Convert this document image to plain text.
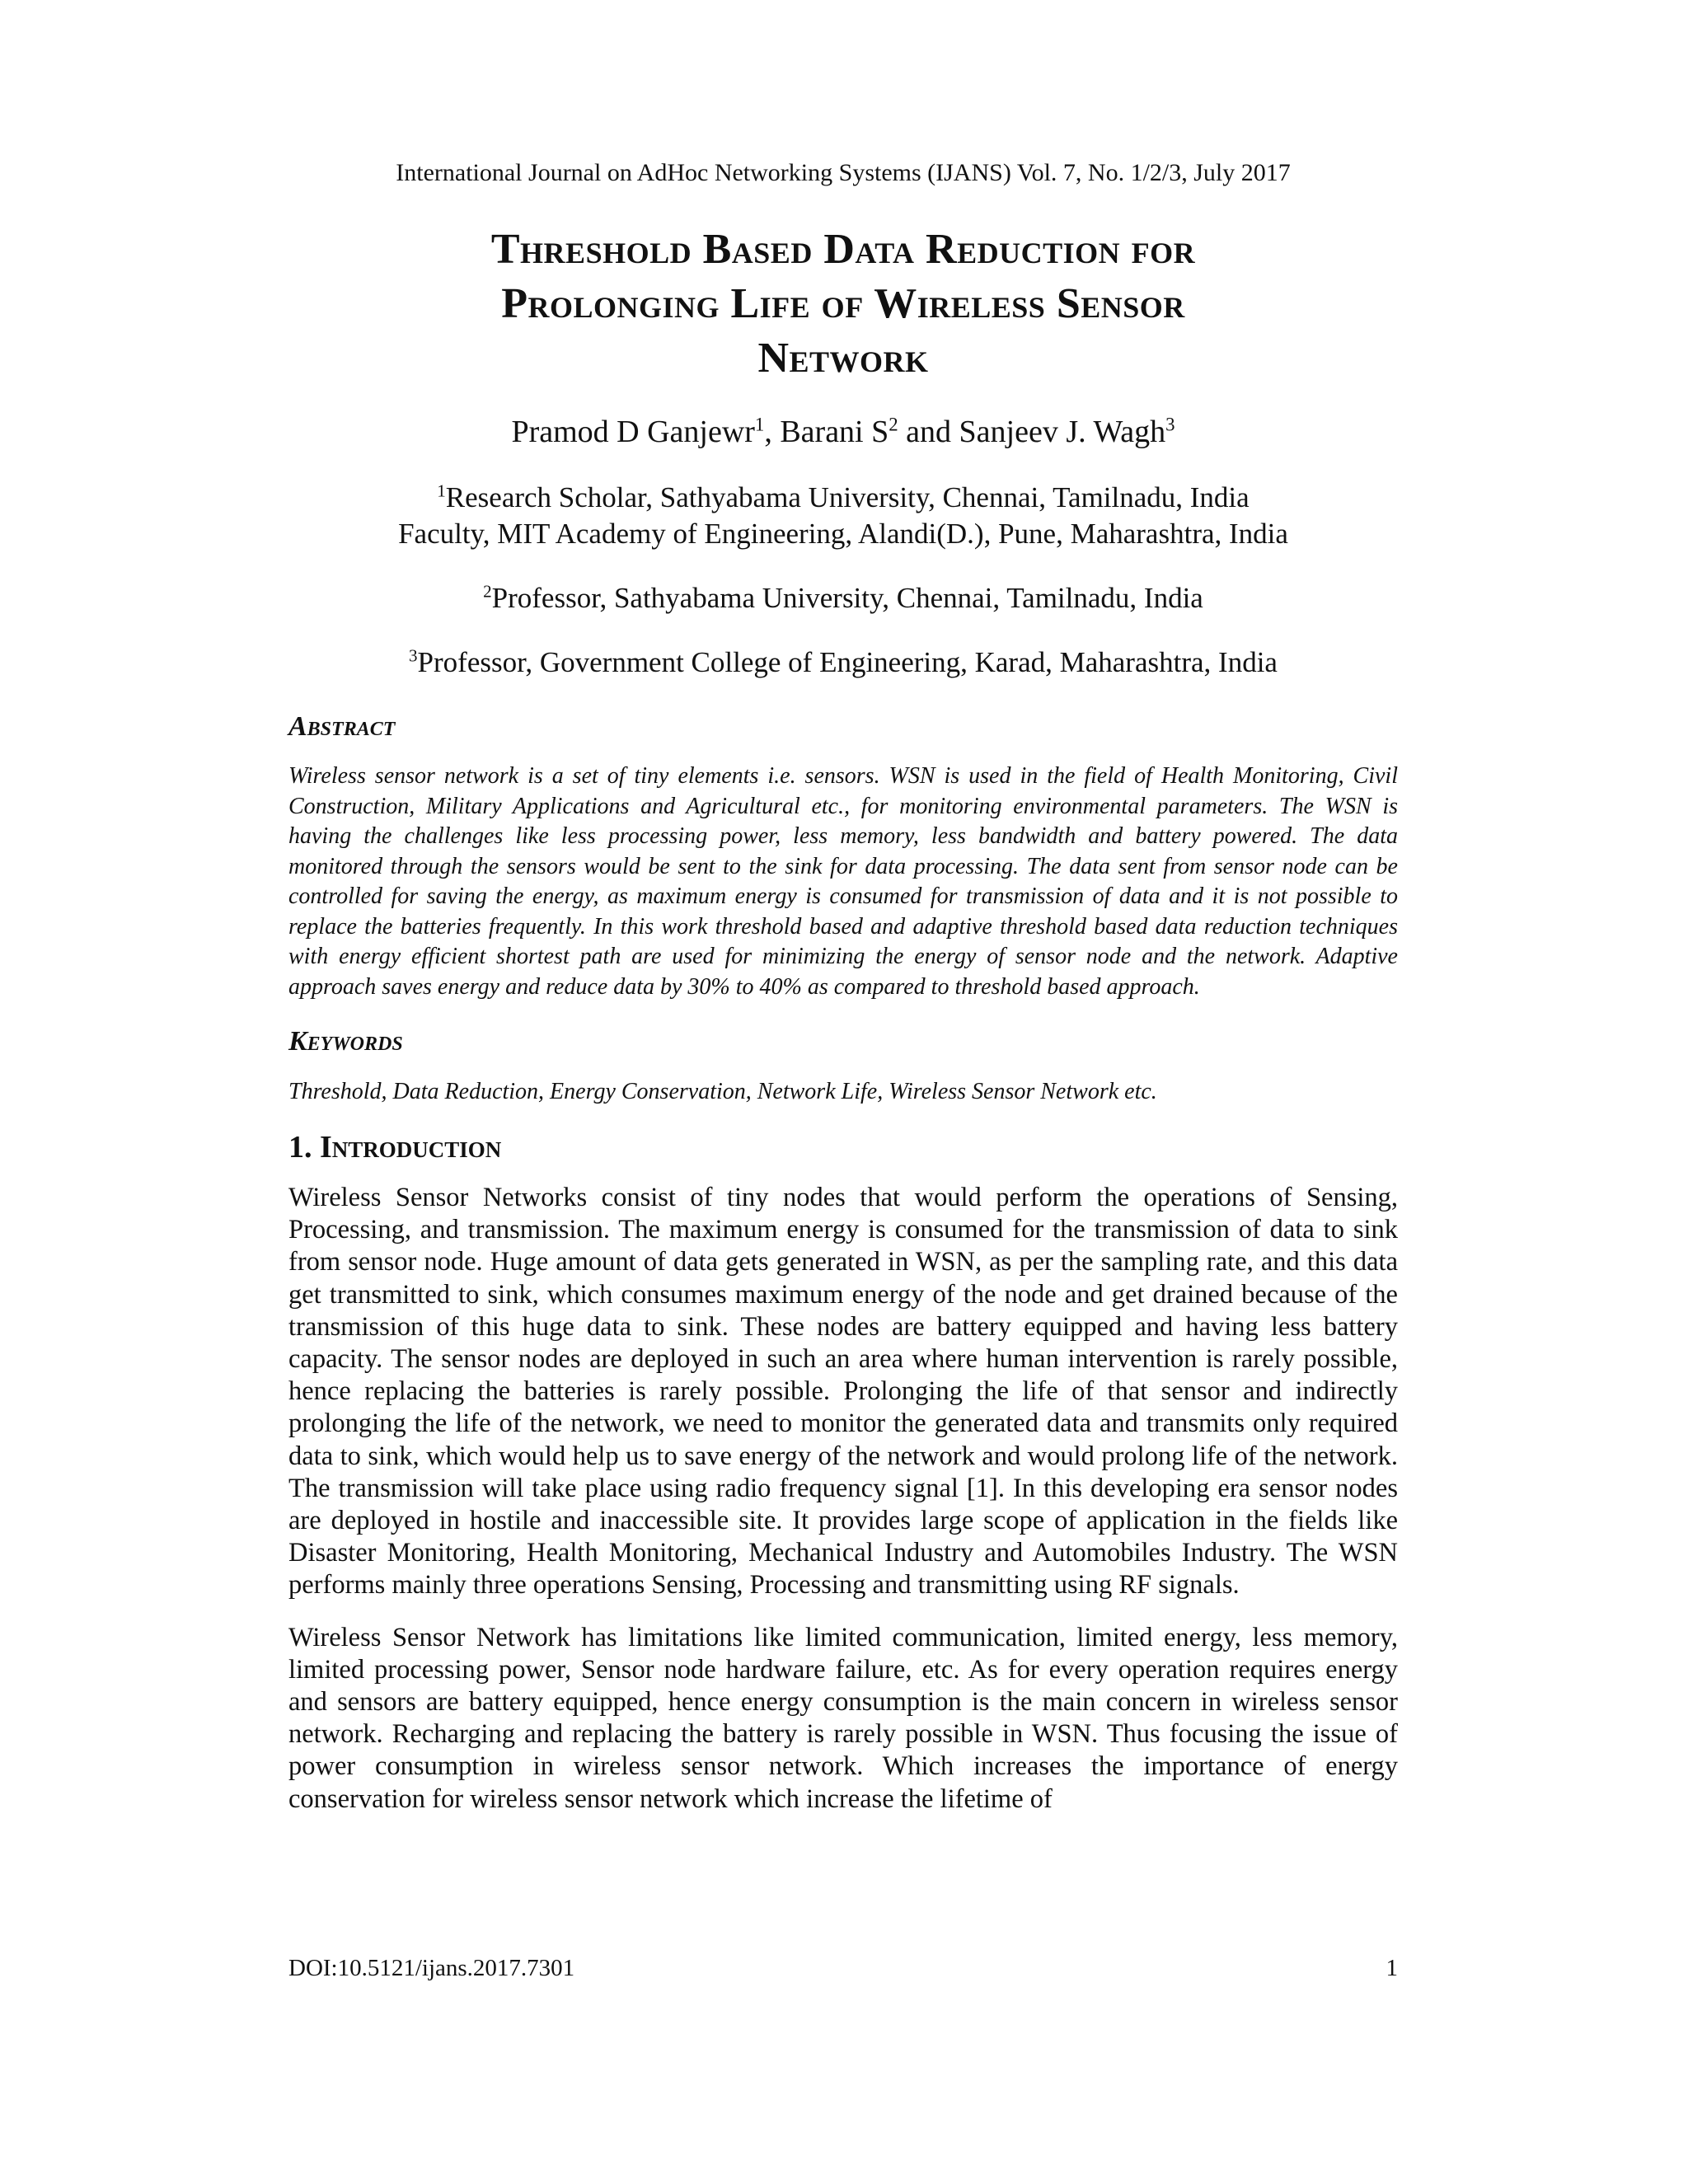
International Journal on AdHoc Networking Systems (IJANS) Vol. 7, No. 1/2/3, July 2017
Threshold Based Data Reduction for
Prolonging Life of Wireless Sensor
Network
Pramod D Ganjewr$^1$, Barani $S^2$ and Sanjeev J. Wagh$^3$
$^1$Research Scholar, Sathyabama University, Chennai, Tamilnadu, India
Faculty, MIT Academy of Engineering, Alandi(D.), Pune, Maharashtra, India
$^2$Professor, Sathyabama University, Chennai, Tamilnadu, India
$^3$Professor, Government College of Engineering, Karad, Maharashtra, India
Abstract

Wireless sensor network is a set of tiny elements i.e. sensors. WSN is used in the field of Health Monitoring, Civil Construction, Military Applications and Agricultural etc., for monitoring environmental parameters. The WSN is having the challenges like less processing power, less memory, less bandwidth and battery powered. The data monitored through the sensors would be sent to the sink for data processing. The data sent from sensor node can be controlled for saving the energy, as maximum energy is consumed for transmission of data and it is not possible to replace the batteries frequently. In this work threshold based and adaptive threshold based data reduction techniques with energy efficient shortest path are used for minimizing the energy of sensor node and the network. Adaptive approach saves energy and reduce data by 30% to 40% as compared to threshold based approach.

Keywords

Threshold, Data Reduction, Energy Conservation, Network Life, Wireless Sensor Network etc.

1. Introduction

Wireless Sensor Networks consist of tiny nodes that would perform the operations of Sensing, Processing, and transmission. The maximum energy is consumed for the transmission of data to sink from sensor node. Huge amount of data gets generated in WSN, as per the sampling rate, and this data get transmitted to sink, which consumes maximum energy of the node and get drained because of the transmission of this huge data to sink. These nodes are battery equipped and having less battery capacity. The sensor nodes are deployed in such an area where human intervention is rarely possible, hence replacing the batteries is rarely possible. Prolonging the life of that sensor and indirectly prolonging the life of the network, we need to monitor the generated data and transmits only required data to sink, which would help us to save energy of the network and would prolong life of the network. The transmission will take place using radio frequency signal [1]. In this developing era sensor nodes are deployed in hostile and inaccessible site. It provides large scope of application in the fields like Disaster Monitoring, Health Monitoring, Mechanical Industry and Automobiles Industry. The WSN performs mainly three operations Sensing, Processing and transmitting using RF signals.

Wireless Sensor Network has limitations like limited communication, limited energy, less memory, limited processing power, Sensor node hardware failure, etc. As for every operation requires energy and sensors are battery equipped, hence energy consumption is the main concern in wireless sensor network. Recharging and replacing the battery is rarely possible in WSN. Thus focusing the issue of power consumption in wireless sensor network. Which increases the importance of energy conservation for wireless sensor network which increase the lifetime of

DOI:10.5121/ijans.2017.7301	1
